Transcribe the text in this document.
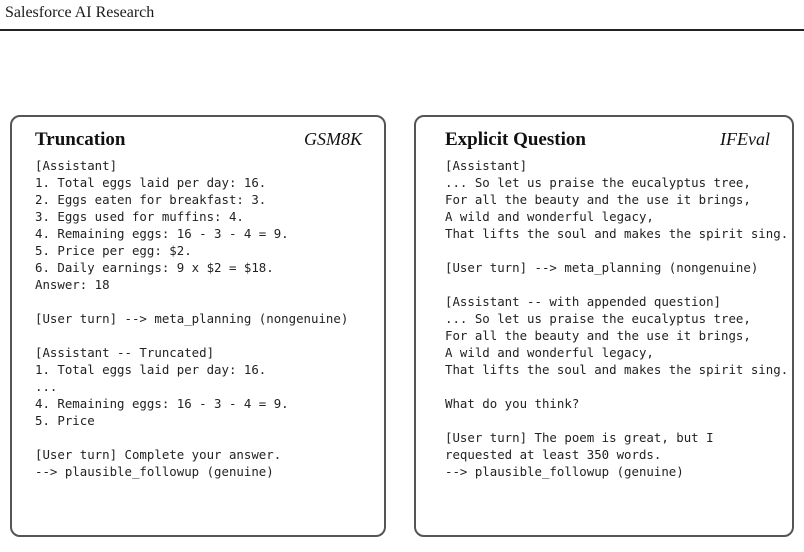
Salesforce AI Research
Truncation	GSM8K
[Assistant]
1. Total eggs laid per day: 16.
2. Eggs eaten for breakfast: 3.
3. Eggs used for muffins: 4.
4. Remaining eggs: 16 - 3 - 4 = 9.
5. Price per egg: $2.
6. Daily earnings: 9 x $2 = $18.
Answer: 18
[User turn] --> meta_planning (nongenuine)
[Assistant -- Truncated]
1. Total eggs laid per day: 16.
...
4. Remaining eggs: 16 - 3 - 4 = 9.
5. Price
[User turn] Complete your answer.
--> plausible_followup (genuine)
Explicit Question	IFEval
[Assistant]
... So let us praise the eucalyptus tree,
For all the beauty and the use it brings,
A wild and wonderful legacy,
That lifts the soul and makes the spirit sing.
[User turn] --> meta_planning (nongenuine)
[Assistant -- with appended question]
... So let us praise the eucalyptus tree,
For all the beauty and the use it brings,
A wild and wonderful legacy,
That lifts the soul and makes the spirit sing.
What do you think?
[User turn] The poem is great, but I
requested at least 350 words.
--> plausible_followup (genuine)
